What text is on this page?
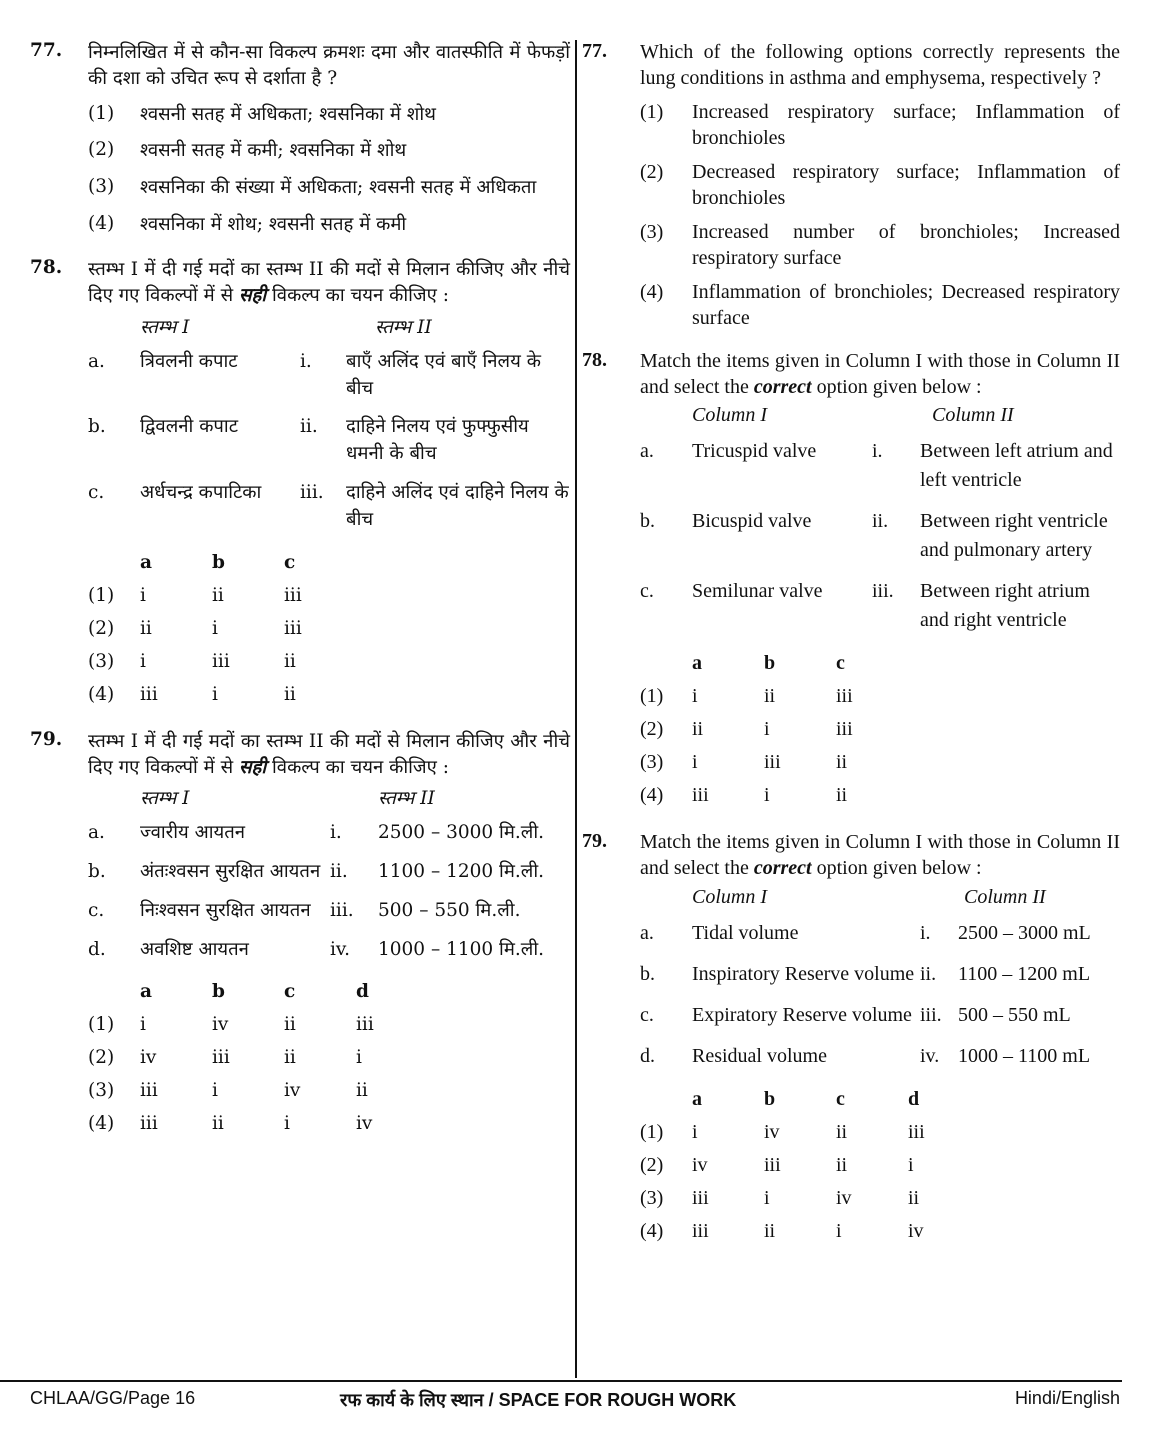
77.	निम्नलिखित में से कौन-सा विकल्प क्रमशः दमा और वातस्फीति में फेफड़ों की दशा को उचित रूप से दर्शाता है ?
(1)	श्वसनी सतह में अधिकता; श्वसनिका में शोथ
(2)	श्वसनी सतह में कमी; श्वसनिका में शोथ
(3)	श्वसनिका की संख्या में अधिकता; श्वसनी सतह में अधिकता
(4)	श्वसनिका में शोथ; श्वसनी सतह में कमी
78.	स्तम्भ I में दी गई मदों का स्तम्भ II की मदों से मिलान कीजिए और नीचे दिए गए विकल्पों में से सही विकल्प का चयन कीजिए :
स्तम्भ I	स्तम्भ II
a.	त्रिवलनी कपाट	i.	बाएँ अलिंद एवं बाएँ निलय के बीच
b.	द्विवलनी कपाट	ii.	दाहिने निलय एवं फुफ्फुसीय धमनी के बीच
c.	अर्धचन्द्र कपाटिका	iii.	दाहिने अलिंद एवं दाहिने निलय के बीच
a	b	c
(1)	i	ii	iii
(2)	ii	i	iii
(3)	i	iii	ii
(4)	iii	i	ii
79.	स्तम्भ I में दी गई मदों का स्तम्भ II की मदों से मिलान कीजिए और नीचे दिए गए विकल्पों में से सही विकल्प का चयन कीजिए :
स्तम्भ I	स्तम्भ II
a.	ज्वारीय आयतन	i.	2500 – 3000 मि.ली.
b.	अंतःश्वसन सुरक्षित आयतन ii.	1100 – 1200 मि.ली.
c.	निःश्वसन सुरक्षित आयतन	iii.	500 – 550 मि.ली.
d.	अवशिष्ट आयतन	iv.	1000 – 1100 मि.ली.
a	b	c	d
(1)	i	iv	ii	iii
(2)	iv	iii	ii	i
(3)	iii	i	iv	ii
(4)	iii	ii	i	iv
77.	Which of the following options correctly represents the lung conditions in asthma and emphysema, respectively ?
(1)	Increased respiratory surface; Inflammation of bronchioles
(2)	Decreased respiratory surface; Inflammation of bronchioles
(3)	Increased number of bronchioles; Increased respiratory surface
(4)	Inflammation of bronchioles; Decreased respiratory surface
78.	Match the items given in Column I with those in Column II and select the correct option given below :
Column I	Column II
a.	Tricuspid valve	i.	Between left atrium and left ventricle
b.	Bicuspid valve	ii.	Between right ventricle and pulmonary artery
c.	Semilunar valve	iii.	Between right atrium and right ventricle
a	b	c
(1)	i	ii	iii
(2)	ii	i	iii
(3)	i	iii	ii
(4)	iii	i	ii
79.	Match the items given in Column I with those in Column II and select the correct option given below :
Column I	Column II
a.	Tidal volume	i.	2500 – 3000 mL
b.	Inspiratory Reserve volume ii.	1100 – 1200 mL
c.	Expiratory Reserve volume iii. 500 – 550 mL
d.	Residual volume	iv. 1000 – 1100 mL
a	b	c	d
(1)	i	iv	ii	iii
(2)	iv	iii	ii	i
(3)	iii	i	iv	ii
(4)	iii	ii	i	iv
CHLAA/GG/Page 16	रफ कार्य के लिए स्थान / SPACE FOR ROUGH WORK	Hindi/English
